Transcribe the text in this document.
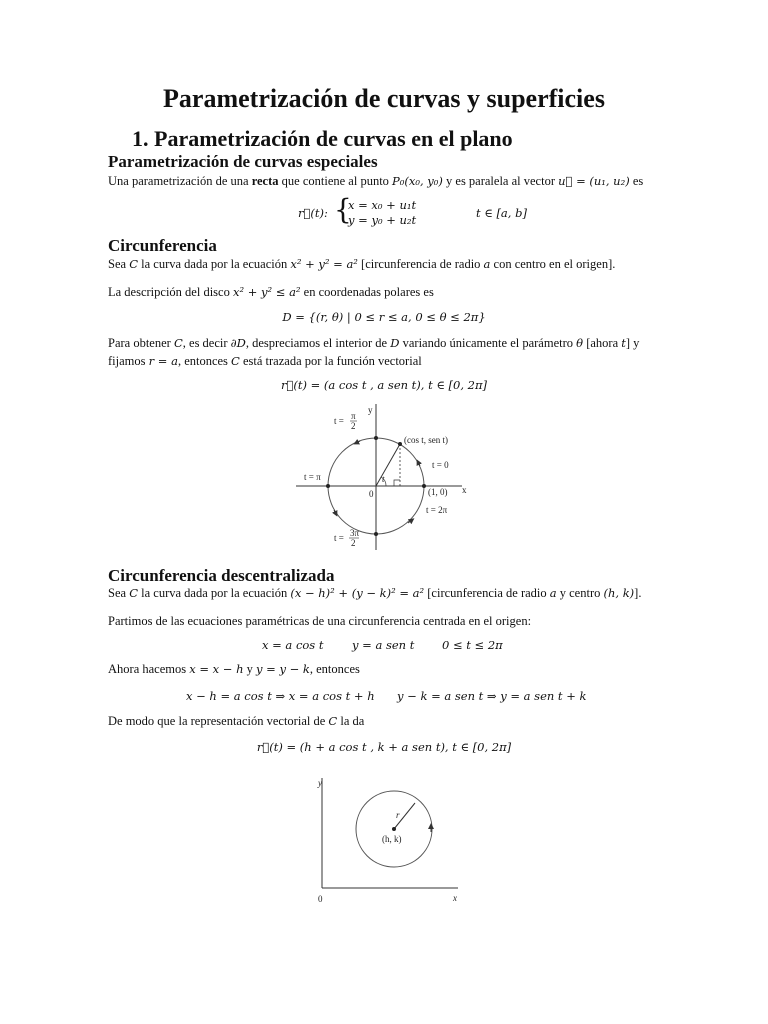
Parametrización de curvas y superficies
1. Parametrización de curvas en el plano
Parametrización de curvas especiales
Una parametrización de una recta que contiene al punto P₀(x₀, y₀) y es paralela al vector u⃗ = (u₁, u₂) es
r⃗(t): {
x = x₀ + u₁t
y = y₀ + u₂t	t ∈ [a, b]
Circunferencia
Sea C la curva dada por la ecuación x² + y² = a² [circunferencia de radio a con centro en el origen].
La descripción del disco x² + y² ≤ a² en coordenadas polares es
D = {(r, θ) | 0 ≤ r ≤ a, 0 ≤ θ ≤ 2π}
Para obtener C, es decir ∂D, despreciamos el interior de D variando únicamente el parámetro θ [ahora t] y
fijamos r = a, entonces C está trazada por la función vectorial
r⃗(t) = (a cos t , a sen t), t ∈ [0, 2π]
y
x
0
t = π
2
t = π
t = 3π
2
t = 0
t = 2π
(cos t, sen t)
(1, 0)
t
Circunferencia descentralizada
Sea C la curva dada por la ecuación (x − h)² + (y − k)² = a² [circunferencia de radio a y centro (h, k)].
Partimos de las ecuaciones paramétricas de una circunferencia centrada en el origen:
x = a cos t y = a sen t 0 ≤ t ≤ 2π
Ahora hacemos x = x − h y y = y − k, entonces
x − h = a cos t ⇒ x = a cos t + h y − k = a sen t ⇒ y = a sen t + k
De modo que la representación vectorial de C la da
r⃗(t) = (h + a cos t , k + a sen t), t ∈ [0, 2π]
y
x
0
r
(h, k)
